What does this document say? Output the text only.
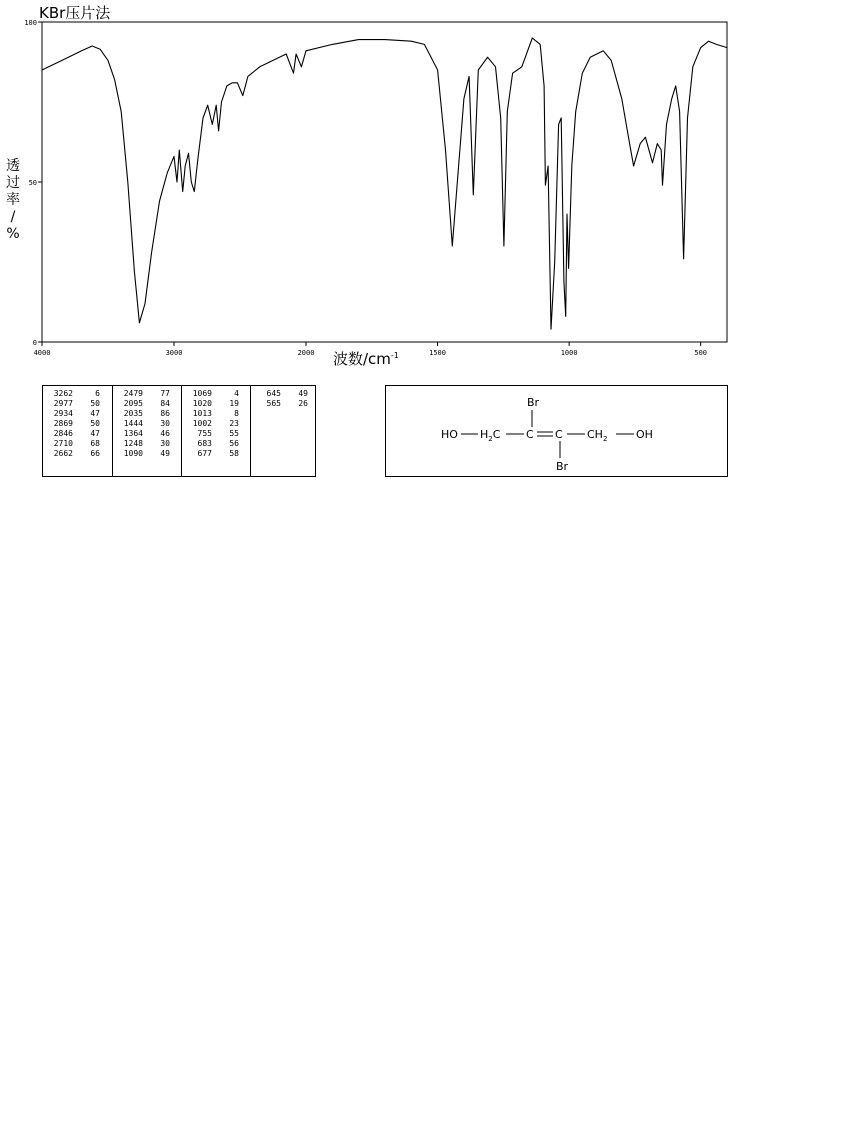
KBr压片法
4000	3000	2000	1500	1000	500
0
50
100
透
过
率
/
%
波数$/cm^{-1}$
3262	6
2977	50
2934	47
2869	50
2846	47
2710	68
2662	66
2479	77
2095	84
2035	86
1444	30
1364	46
1248	30
1090	49
1069	4
1020	19
1013	8
1002	23
755	55
683	56
677	58
645	49
565	26	Br
HO $H_2C$ C C
Br
$CH_2$	OH
